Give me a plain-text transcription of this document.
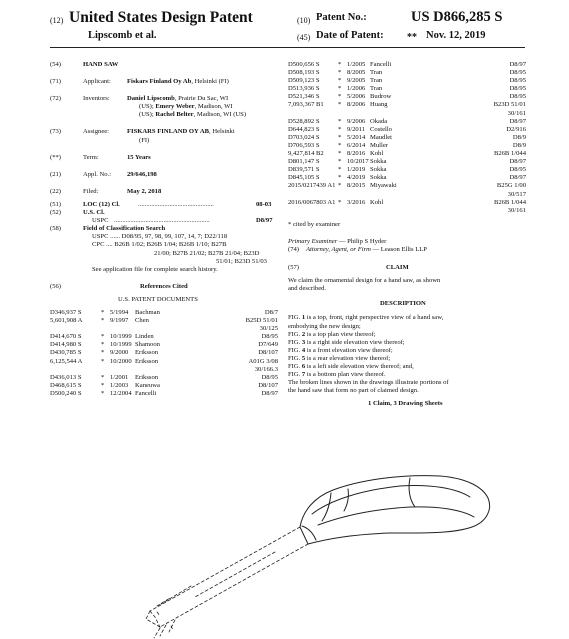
(12) United States Design Patent	(10) Patent No.:	US D866,285 S
Lipscomb et al.	(45) Date of Patent: ** Nov. 12, 2019
(54)	HAND SAW
(71)	Applicant: Fiskars Finland Oy Ab, Helsinki (FI)
(72)	Inventors:	Daniel Lipscomb, Prairie Du Sac, WI
(US); Emery Weber, Madison, WI
(US); Rachel Belter, Madison, WI (US)
(73)	Assignee:	FISKARS FINLAND OY AB, Helsinki
(FI)
(**)	Term:	15 Years
(21)	Appl. No.: 29/646,198
(22)	Filed:	May 2, 2018
(51)	LOC (12) Cl.	..............................................	08-03
(52)	U.S. Cl.
USPC ..........................................................	D8/97
(58)	Field of Classification Search
USPC ...... D08/95, 97, 98, 99, 107, 14, 7; D22/118
CPC .... B26B 1/02; B26B 1/04; B26B 1/10; B27B
21/00; B27B 21/02; B27B 21/04; B23D
51/01; B23D 51/03
See application file for complete search history.
(56)	References Cited
U.S. PATENT DOCUMENTS
D346,937 S	* 5/1994 Bachman	D8/7
5,601,908 A	* 9/1997 Chen	B25D 51/01
30/125
D414,670 S	* 10/1999 Linden	D8/95
D414,980 S	* 10/1999 Shamoon	D7/649
D430,785 S	* 9/2000 Eriksson	D8/107
6,125,544 A	* 10/2000 Eriksson	A01G 3/08
30/166.3
D436,013 S	* 1/2001 Eriksson	D8/95
D468,615 S	* 1/2003 Kaneuwa	D8/107
D500,240 S	* 12/2004 Fancelli	D8/97
D500,656 S	* 1/2005 Fancelli	D8/97
D508,193 S	* 8/2005 Tran	D8/95
D509,123 S	* 9/2005 Tran	D8/95
D513,936 S	* 1/2006 Tran	D8/95
D521,346 S	* 5/2006 Budrow	D8/95
7,093,367 B1 * 8/2006 Huang	B23D 51/01
30/161
D528,892 S	* 9/2006 Okada	D8/97
D644,823 S	* 9/2011 Costello	D2/916
D703,024 S	* 5/2014 Maudlet	D8/9
D706,593 S	* 6/2014 Muller	D8/9
9,427,814 B2 * 8/2016 Kohl	B26B 1/044
D801,147 S	* 10/2017 Sokka	D8/97
D839,571 S	* 1/2019 Sokka	D8/95
D845,105 S	* 4/2019 Sokka	D8/97
2015/0217439 A1 * 8/2015 Miyawaki	B25G 1/00
30/517
2016/0067803 A1 * 3/2016 Kohl	B26B 1/044
30/161
* cited by examiner
Primary Examiner — Philip S Hyder
(74) Attorney, Agent, or Firm — Leason Ellis LLP
(57)	CLAIM
We claim the ornamental design for a hand saw, as shown
and described.
DESCRIPTION
FIG. 1 is a top, front, right perspective view of a hand saw,
embodying the new design;
FIG. 2 is a top plan view thereof;
FIG. 3 is a right side elevation view thereof;
FIG. 4 is a front elevation view thereof;
FIG. 5 is a rear elevation view thereof;
FIG. 6 is a left side elevation view thereof; and,
FIG. 7 is a bottom plan view thereof.
The broken lines shown in the drawings illustrate portions of
the hand saw that form no part of claimed design.
1 Claim, 3 Drawing Sheets
